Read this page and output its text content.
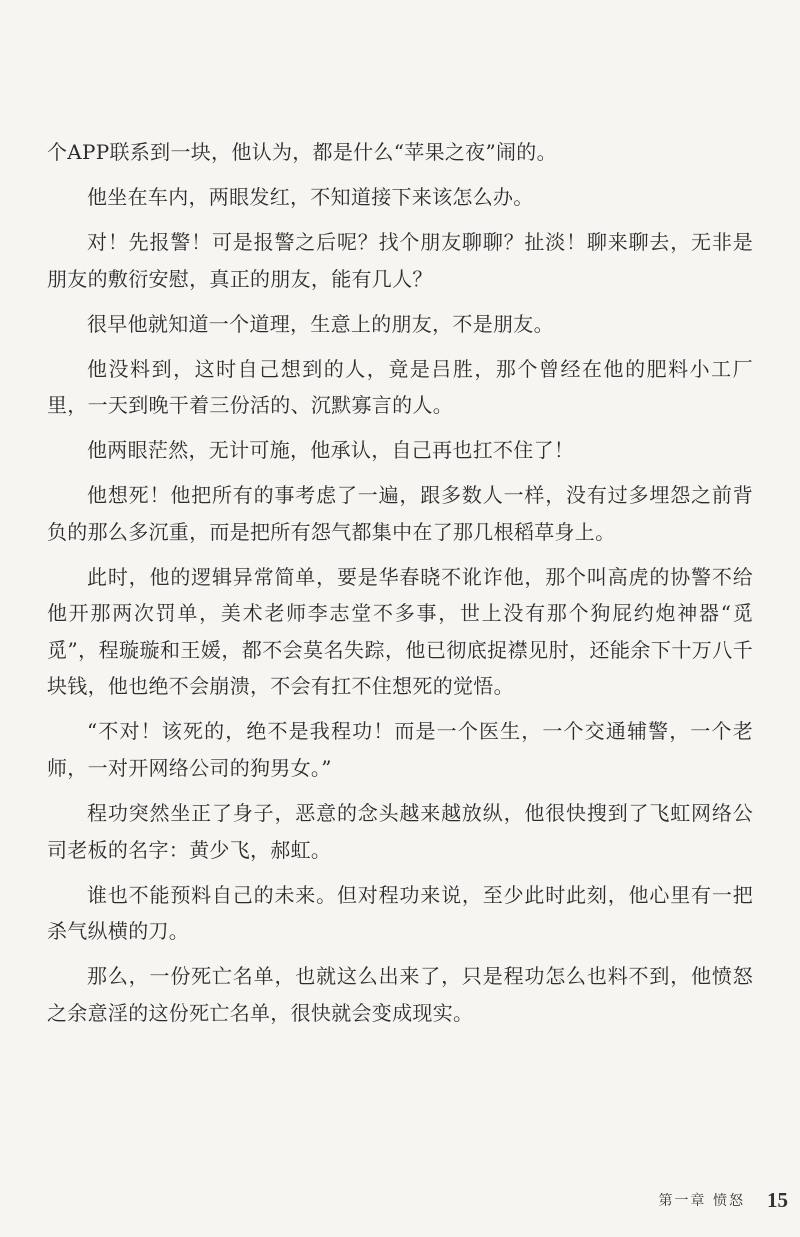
个APP联系到一块，他认为，都是什么“苹果之夜”闹的。

他坐在车内，两眼发红，不知道接下来该怎么办。

对！先报警！可是报警之后呢？找个朋友聊聊？扯淡！聊来聊去，无非是朋友的敷衍安慰，真正的朋友，能有几人？

很早他就知道一个道理，生意上的朋友，不是朋友。

他没料到，这时自己想到的人，竟是吕胜，那个曾经在他的肥料小工厂里，一天到晚干着三份活的、沉默寡言的人。

他两眼茫然，无计可施，他承认，自己再也扛不住了！

他想死！他把所有的事考虑了一遍，跟多数人一样，没有过多埋怨之前背负的那么多沉重，而是把所有怨气都集中在了那几根稻草身上。

此时，他的逻辑异常简单，要是华春晓不讹诈他，那个叫高虎的协警不给他开那两次罚单，美术老师李志堂不多事，世上没有那个狗屁约炮神器“觅觅”，程璇璇和王媛，都不会莫名失踪，他已彻底捉襟见肘，还能余下十万八千块钱，他也绝不会崩溃，不会有扛不住想死的觉悟。

“不对！该死的，绝不是我程功！而是一个医生，一个交通辅警，一个老师，一对开网络公司的狗男女。”

程功突然坐正了身子，恶意的念头越来越放纵，他很快搜到了飞虹网络公司老板的名字：黄少飞，郝虹。

谁也不能预料自己的未来。但对程功来说，至少此时此刻，他心里有一把杀气纵横的刀。

那么，一份死亡名单，也就这么出来了，只是程功怎么也料不到，他愤怒之余意淫的这份死亡名单，很快就会变成现实。

第一章 愤怒 15
